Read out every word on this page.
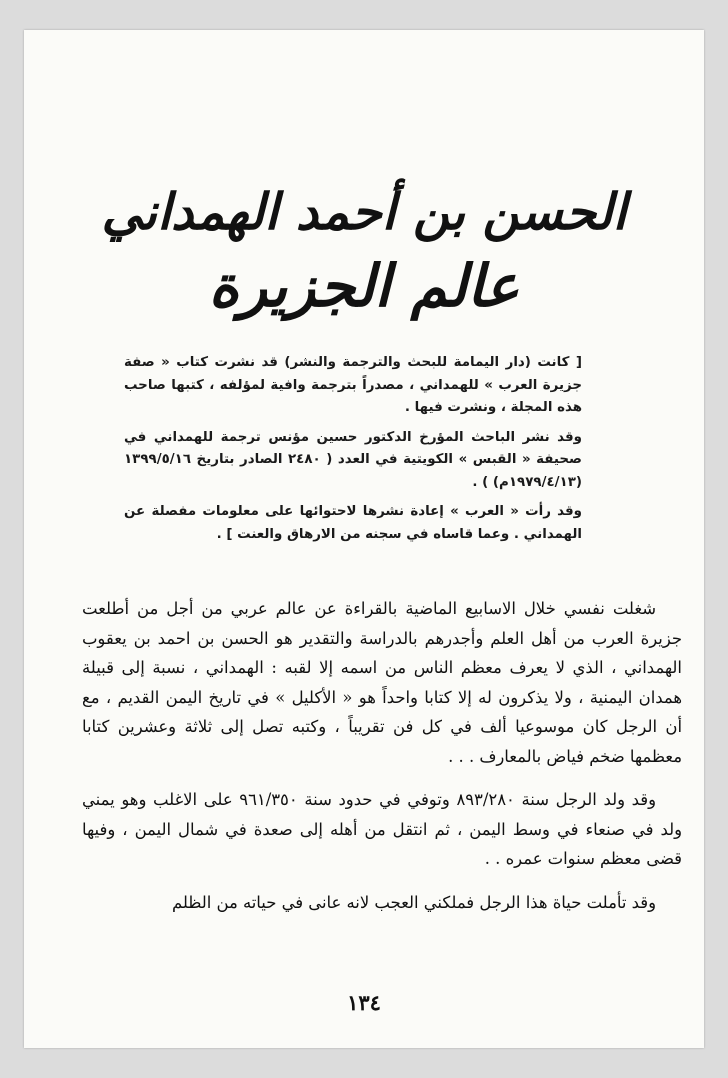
الحسن بن أحمد الهمداني
عالم الجزيرة

[ كانت (دار اليمامة للبحث والترجمة والنشر) قد نشرت كتاب « صفة جزيرة العرب » للهمداني ، مصدراً بترجمة وافية لمؤلفه ، كتبها صاحب هذه المجلة ، ونشرت فيها .

وقد نشر الباحث المؤرخ الدكتور حسين مؤنس ترجمة للهمداني في صحيفة « القبس » الكويتية في العدد ( ٢٤٨٠ الصادر بتاريخ ١٣٩٩/٥/١٦ (١٩٧٩/٤/١٣م) ) .

وقد رأت « العرب » إعادة نشرها لاحتوائها على معلومات مفصلة عن الهمداني . وعما قاساه في سجنه من الارهاق والعنت ] .

شغلت نفسي خلال الاسابيع الماضية بالقراءة عن عالم عربي من أجل من أطلعت جزيرة العرب من أهل العلم وأجدرهم بالدراسة والتقدير هو الحسن بن احمد بن يعقوب الهمداني ، الذي لا يعرف معظم الناس من اسمه إلا لقبه : الهمداني ، نسبة إلى قبيلة همدان اليمنية ، ولا يذكرون له إلا كتابا واحداً هو « الأكليل » في تاريخ اليمن القديم ، مع أن الرجل كان موسوعيا ألف في كل فن تقريباً ، وكتبه تصل إلى ثلاثة وعشرين كتابا معظمها ضخم فياض بالمعارف . . .

وقد ولد الرجل سنة ٨٩٣/٢٨٠ وتوفي في حدود سنة ٩٦١/٣٥٠ على الاغلب وهو يمني ولد في صنعاء في وسط اليمن ، ثم انتقل من أهله إلى صعدة في شمال اليمن ، وفيها قضى معظم سنوات عمره . .

وقد تأملت حياة هذا الرجل فملكني العجب لانه عانى في حياته من الظلم

١٣٤
